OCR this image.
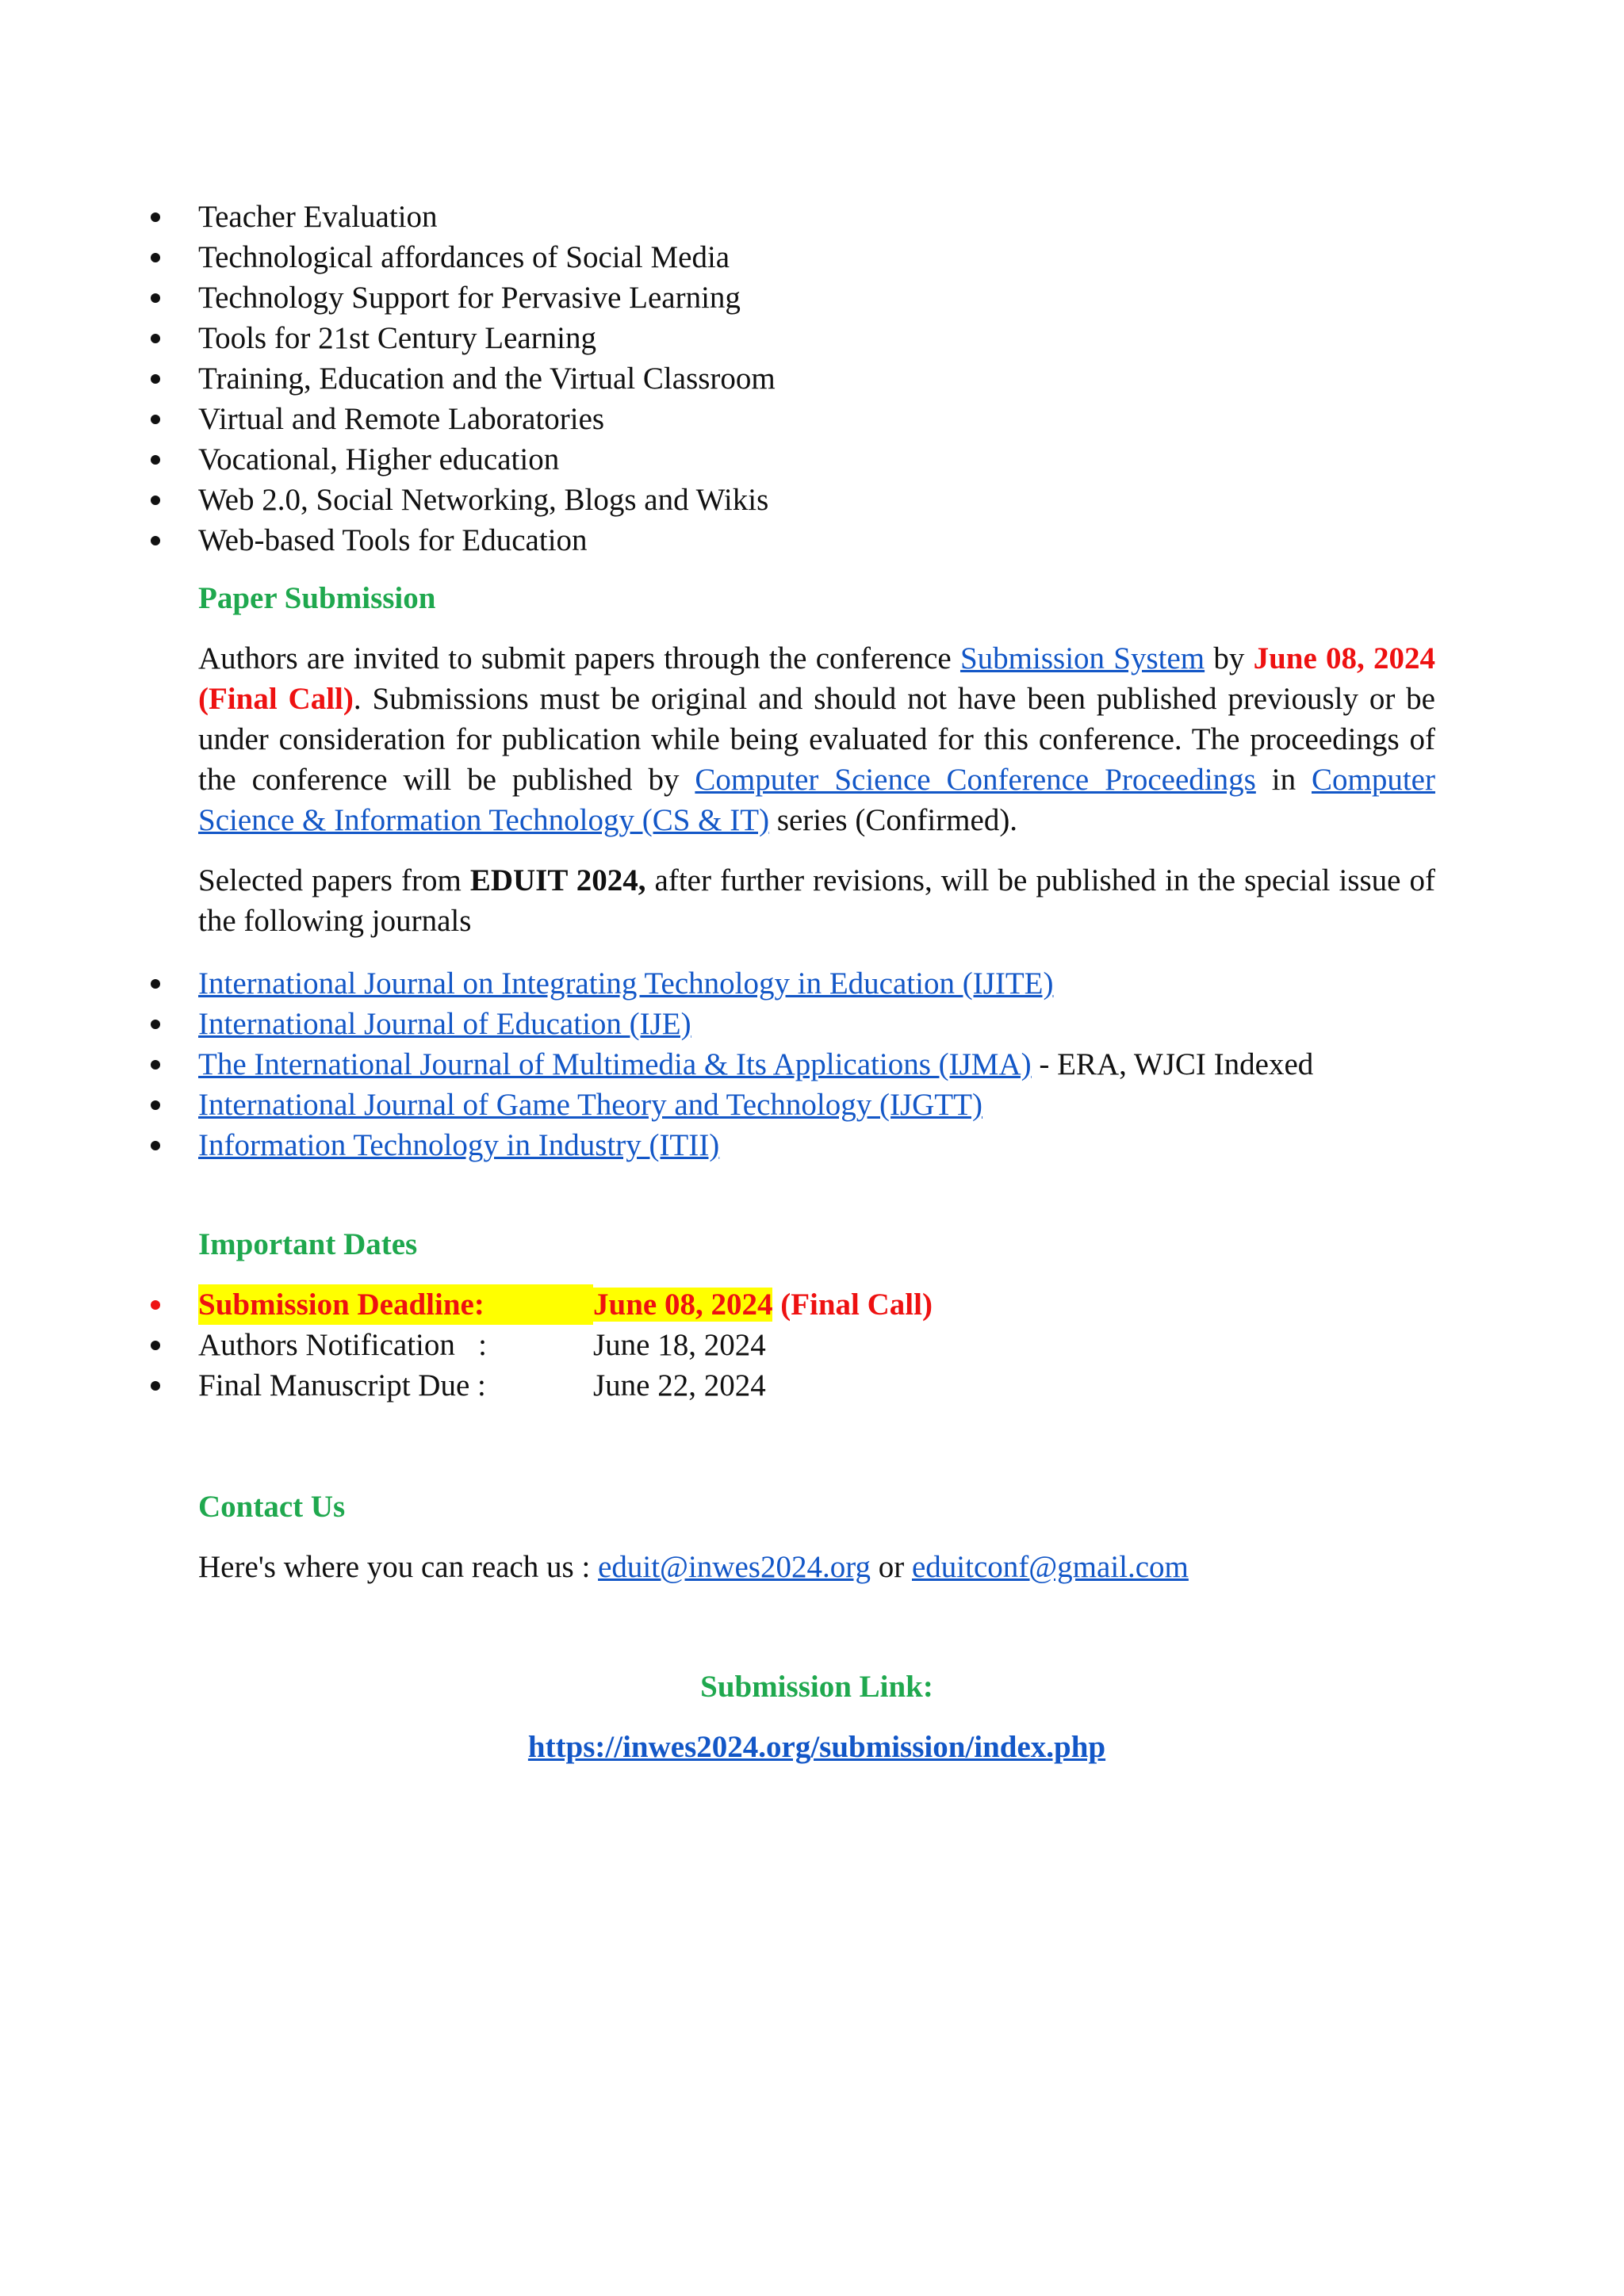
Teacher Evaluation
Technological affordances of Social Media
Technology Support for Pervasive Learning
Tools for 21st Century Learning
Training, Education and the Virtual Classroom
Virtual and Remote Laboratories
Vocational, Higher education
Web 2.0, Social Networking, Blogs and Wikis
Web-based Tools for Education
Paper Submission

Authors are invited to submit papers through the conference Submission System by June 08, 2024 (Final Call). Submissions must be original and should not have been published previously or be under consideration for publication while being evaluated for this conference. The proceedings of the conference will be published by Computer Science Conference Proceedings in Computer Science & Information Technology (CS & IT) series (Confirmed).

Selected papers from EDUIT 2024, after further revisions, will be published in the special issue of the following journals

International Journal on Integrating Technology in Education (IJITE)
International Journal of Education (IJE)
The International Journal of Multimedia & Its Applications (IJMA) - ERA, WJCI Indexed
International Journal of Game Theory and Technology (IJGTT)
Information Technology in Industry (ITII)
Important Dates
Submission Deadline:	June 08, 2024 (Final Call)
Authors Notification   :	June 18, 2024
Final Manuscript Due :	June 22, 2024
Contact Us

Here's where you can reach us : eduit@inwes2024.org or eduitconf@gmail.com

Submission Link:

https://inwes2024.org/submission/index.php
